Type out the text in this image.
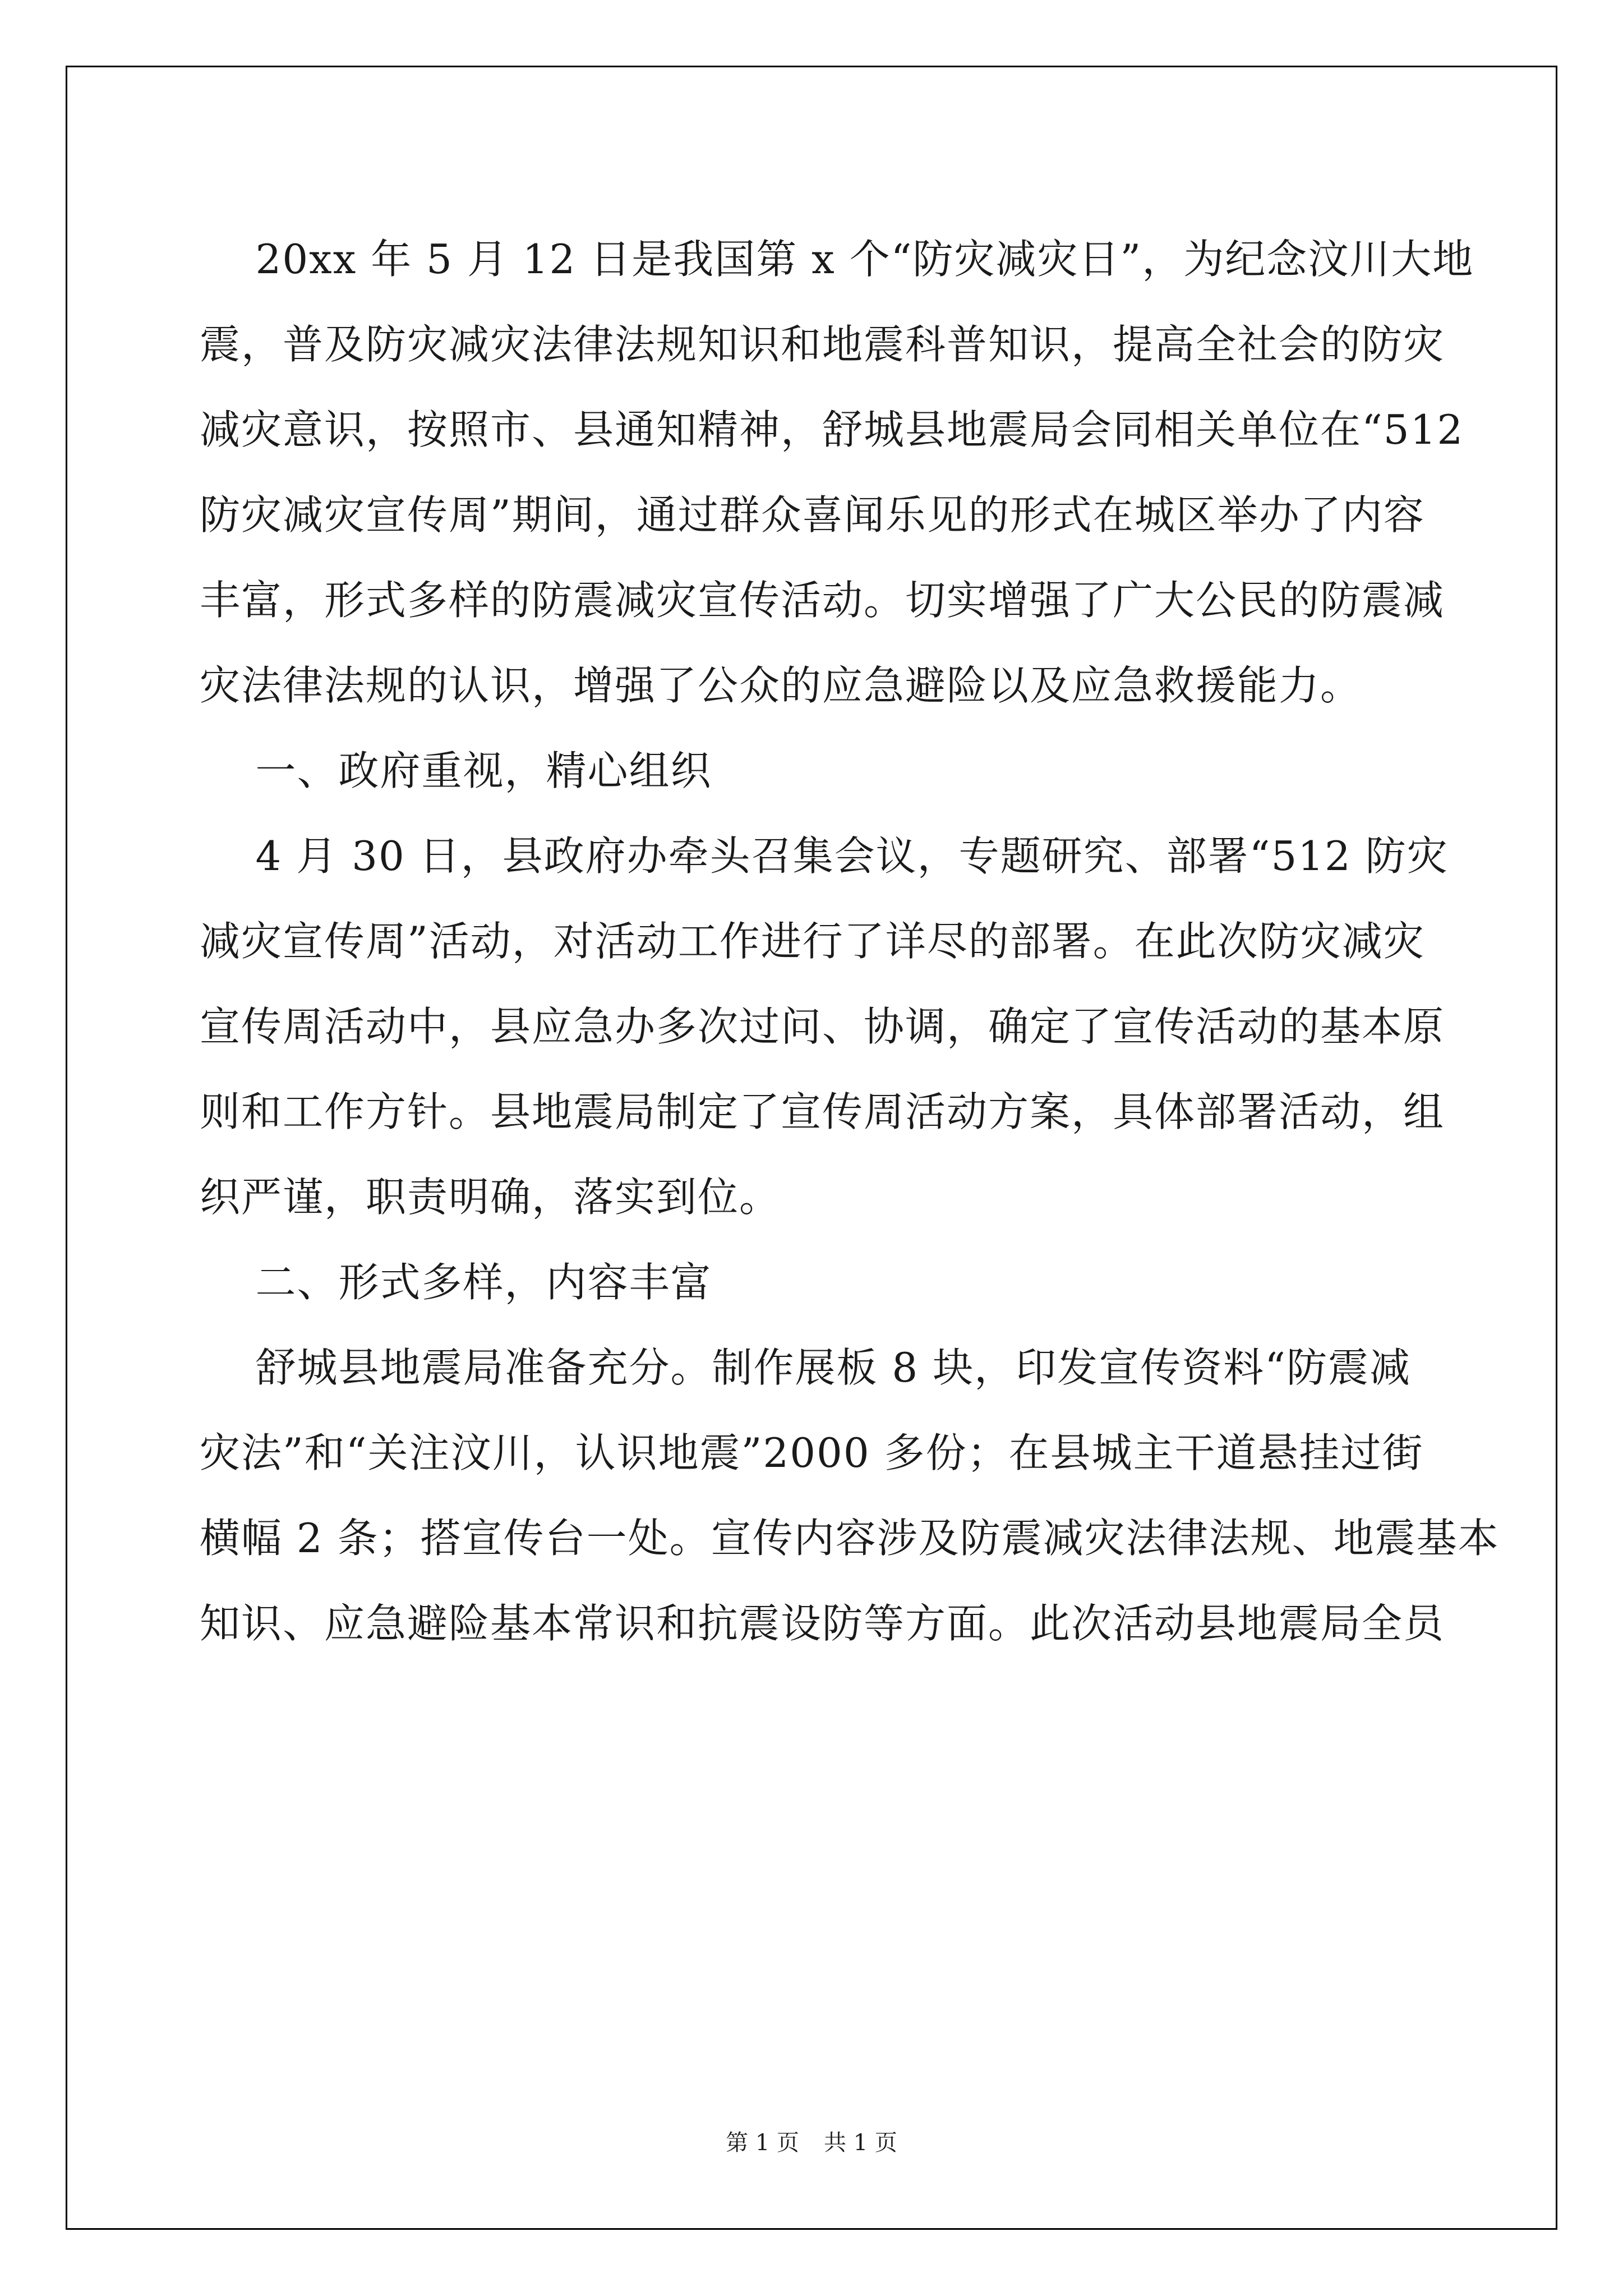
20xx 年 5 月 12 日是我国第 x 个“防灾减灾日”，为纪念汶川大地
震，普及防灾减灾法律法规知识和地震科普知识，提高全社会的防灾
减灾意识，按照市、县通知精神，舒城县地震局会同相关单位在“512
防灾减灾宣传周”期间，通过群众喜闻乐见的形式在城区举办了内容
丰富，形式多样的防震减灾宣传活动。切实增强了广大公民的防震减
灾法律法规的认识，增强了公众的应急避险以及应急救援能力。
一、政府重视，精心组织
4 月 30 日，县政府办牵头召集会议，专题研究、部署“512 防灾
减灾宣传周”活动，对活动工作进行了详尽的部署。在此次防灾减灾
宣传周活动中，县应急办多次过问、协调，确定了宣传活动的基本原
则和工作方针。县地震局制定了宣传周活动方案，具体部署活动，组
织严谨，职责明确，落实到位。
二、形式多样，内容丰富
舒城县地震局准备充分。制作展板 8 块，印发宣传资料“防震减
灾法”和“关注汶川，认识地震”2000 多份；在县城主干道悬挂过街
横幅 2 条；搭宣传台一处。宣传内容涉及防震减灾法律法规、地震基本
知识、应急避险基本常识和抗震设防等方面。此次活动县地震局全员
第 1 页 共 1 页
